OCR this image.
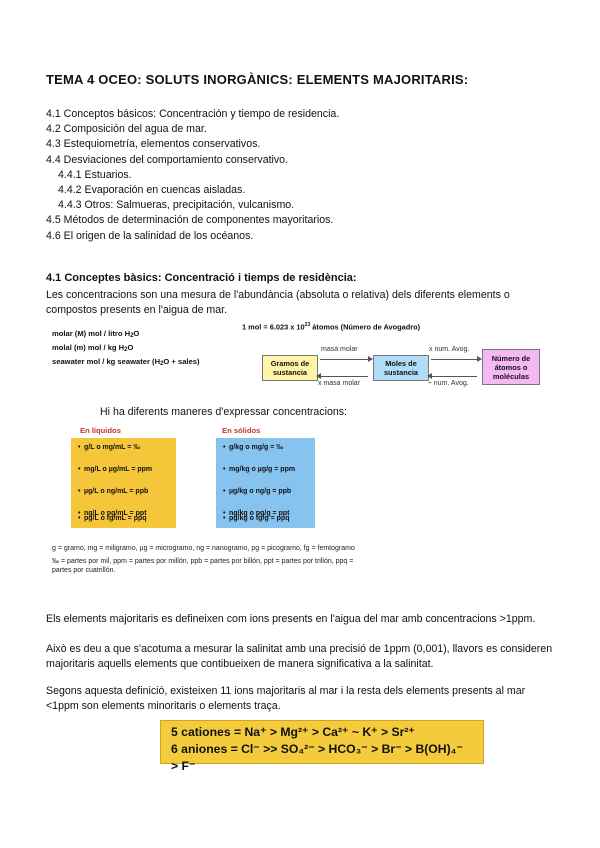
TEMA 4 OCEO: SOLUTS INORGÀNICS: ELEMENTS MAJORITARIS:
4.1 Conceptos básicos: Concentración y tiempo de residencia.
4.2 Composición del agua de mar.
4.3 Estequiometría, elementos conservativos.
4.4 Desviaciones del comportamiento conservativo.
4.4.1 Estuarios.
4.4.2 Evaporación en cuencas aisladas.
4.4.3 Otros: Salmueras, precipitación, vulcanismo.
4.5 Métodos de determinación de componentes mayoritarios.
4.6 El origen de la salinidad de los océanos.
4.1 Conceptes bàsics: Concentració i tiemps de residència:
Les concentracions son una mesura de l'abundància (absoluta o relativa) dels diferents elements o compostos presents en l'aigua de mar.
molar (M) mol / litro H2O
molal (m) mol / kg H2O
seawater mol / kg seawater (H2O + sales)
1 mol = 6.023 x $10^{23}$ átomos (Número de Avogadro)
Gramos de sustancia
Moles de sustancia
Número de átomos o moléculas
masa molar
x masa molar
x num. Avog.
÷ num. Avog.
Hi ha diferents maneres d'expressar concentracions:
En líquidos	En sólidos
• g/L o mg/mL = ‰
• mg/L o µg/mL = ppm
• µg/L o ng/mL = ppb
• ng/L o pg/mL = ppt
• g/kg o mg/g = ‰
• mg/kg o µg/g = ppm
• µg/kg o ng/g = ppb
• ng/kg o pg/g = ppt
• pg/L o fg/mL = ppq	• pg/kg o fg/g = ppq
g = gramo, mg = miligramo, µg = microgramo, ng = nanogramo, pg = picogramo, fg = femtogramo
‰ = partes por mil, ppm = partes por millón, ppb = partes por billón, ppt = partes por trillón, ppq = partes por cuatrillón.
Els elements majoritaris es defineixen com ions presents en l'aigua del mar amb concentracions >1ppm.
Això es deu a que s'acotuma a mesurar la salinitat amb una precisió de 1ppm (0,001), llavors es consideren majoritaris aquells elements que contibueixen de manera significativa a la salinitat.
Segons aquesta definició, existeixen 11 ions majoritaris al mar i la resta dels elements presents al mar <1ppm son elements minoritaris o elements traça.
5 cationes = Na⁺ > Mg²⁺ > Ca²⁺ ~ K⁺ > Sr²⁺
6 aniones = Cl⁻ >> SO₄²⁻ > HCO₃⁻ > Br⁻ > B(OH)₄⁻ > F⁻
